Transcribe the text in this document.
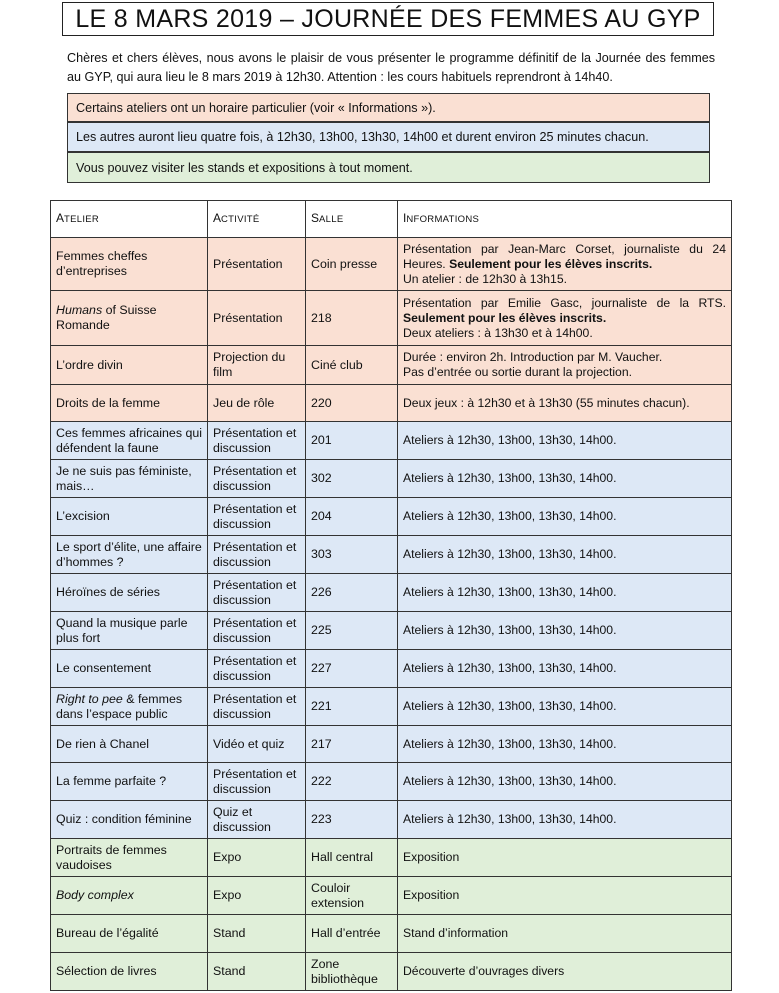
LE 8 MARS 2019 – JOURNÉE DES FEMMES AU GYP
Chères et chers élèves, nous avons le plaisir de vous présenter le programme définitif de la Journée des femmes au GYP, qui aura lieu le 8 mars 2019 à 12h30. Attention : les cours habituels reprendront à 14h40.
Certains ateliers ont un horaire particulier (voir « Informations »).
Les autres auront lieu quatre fois, à 12h30, 13h00, 13h30, 14h00 et durent environ 25 minutes chacun.
Vous pouvez visiter les stands et expositions à tout moment.
ATELIER	ACTIVITÉ	SALLE	INFORMATIONS
Femmes cheffes d’entreprises	Présentation	Coin presse	Présentation par Jean-Marc Corset, journaliste du 24 Heures. Seulement pour les élèves inscrits.
Un atelier : de 12h30 à 13h15.
Humans of Suisse Romande	Présentation	218	Présentation par Emilie Gasc, journaliste de la RTS. Seulement pour les élèves inscrits.
Deux ateliers : à 13h30 et à 14h00.
L’ordre divin	Projection du film	Ciné club	Durée : environ 2h. Introduction par M. Vaucher.
Pas d’entrée ou sortie durant la projection.
Droits de la femme	Jeu de rôle	220	Deux jeux : à 12h30 et à 13h30 (55 minutes chacun).
Ces femmes africaines qui défendent la faune	Présentation et discussion	201	Ateliers à 12h30, 13h00, 13h30, 14h00.
Je ne suis pas féministe, mais…	Présentation et discussion	302	Ateliers à 12h30, 13h00, 13h30, 14h00.
L’excision	Présentation et discussion	204	Ateliers à 12h30, 13h00, 13h30, 14h00.
Le sport d’élite, une affaire d’hommes ?	Présentation et discussion	303	Ateliers à 12h30, 13h00, 13h30, 14h00.
Héroïnes de séries	Présentation et discussion	226	Ateliers à 12h30, 13h00, 13h30, 14h00.
Quand la musique parle plus fort	Présentation et discussion	225	Ateliers à 12h30, 13h00, 13h30, 14h00.
Le consentement	Présentation et discussion	227	Ateliers à 12h30, 13h00, 13h30, 14h00.
Right to pee & femmes dans l’espace public	Présentation et discussion	221	Ateliers à 12h30, 13h00, 13h30, 14h00.
De rien à Chanel	Vidéo et quiz	217	Ateliers à 12h30, 13h00, 13h30, 14h00.
La femme parfaite ?	Présentation et discussion	222	Ateliers à 12h30, 13h00, 13h30, 14h00.
Quiz : condition féminine	Quiz et discussion	223	Ateliers à 12h30, 13h00, 13h30, 14h00.
Portraits de femmes vaudoises	Expo	Hall central	Exposition
Body complex	Expo	Couloir extension	Exposition
Bureau de l’égalité	Stand	Hall d’entrée	Stand d’information
Sélection de livres	Stand	Zone bibliothèque	Découverte d’ouvrages divers
